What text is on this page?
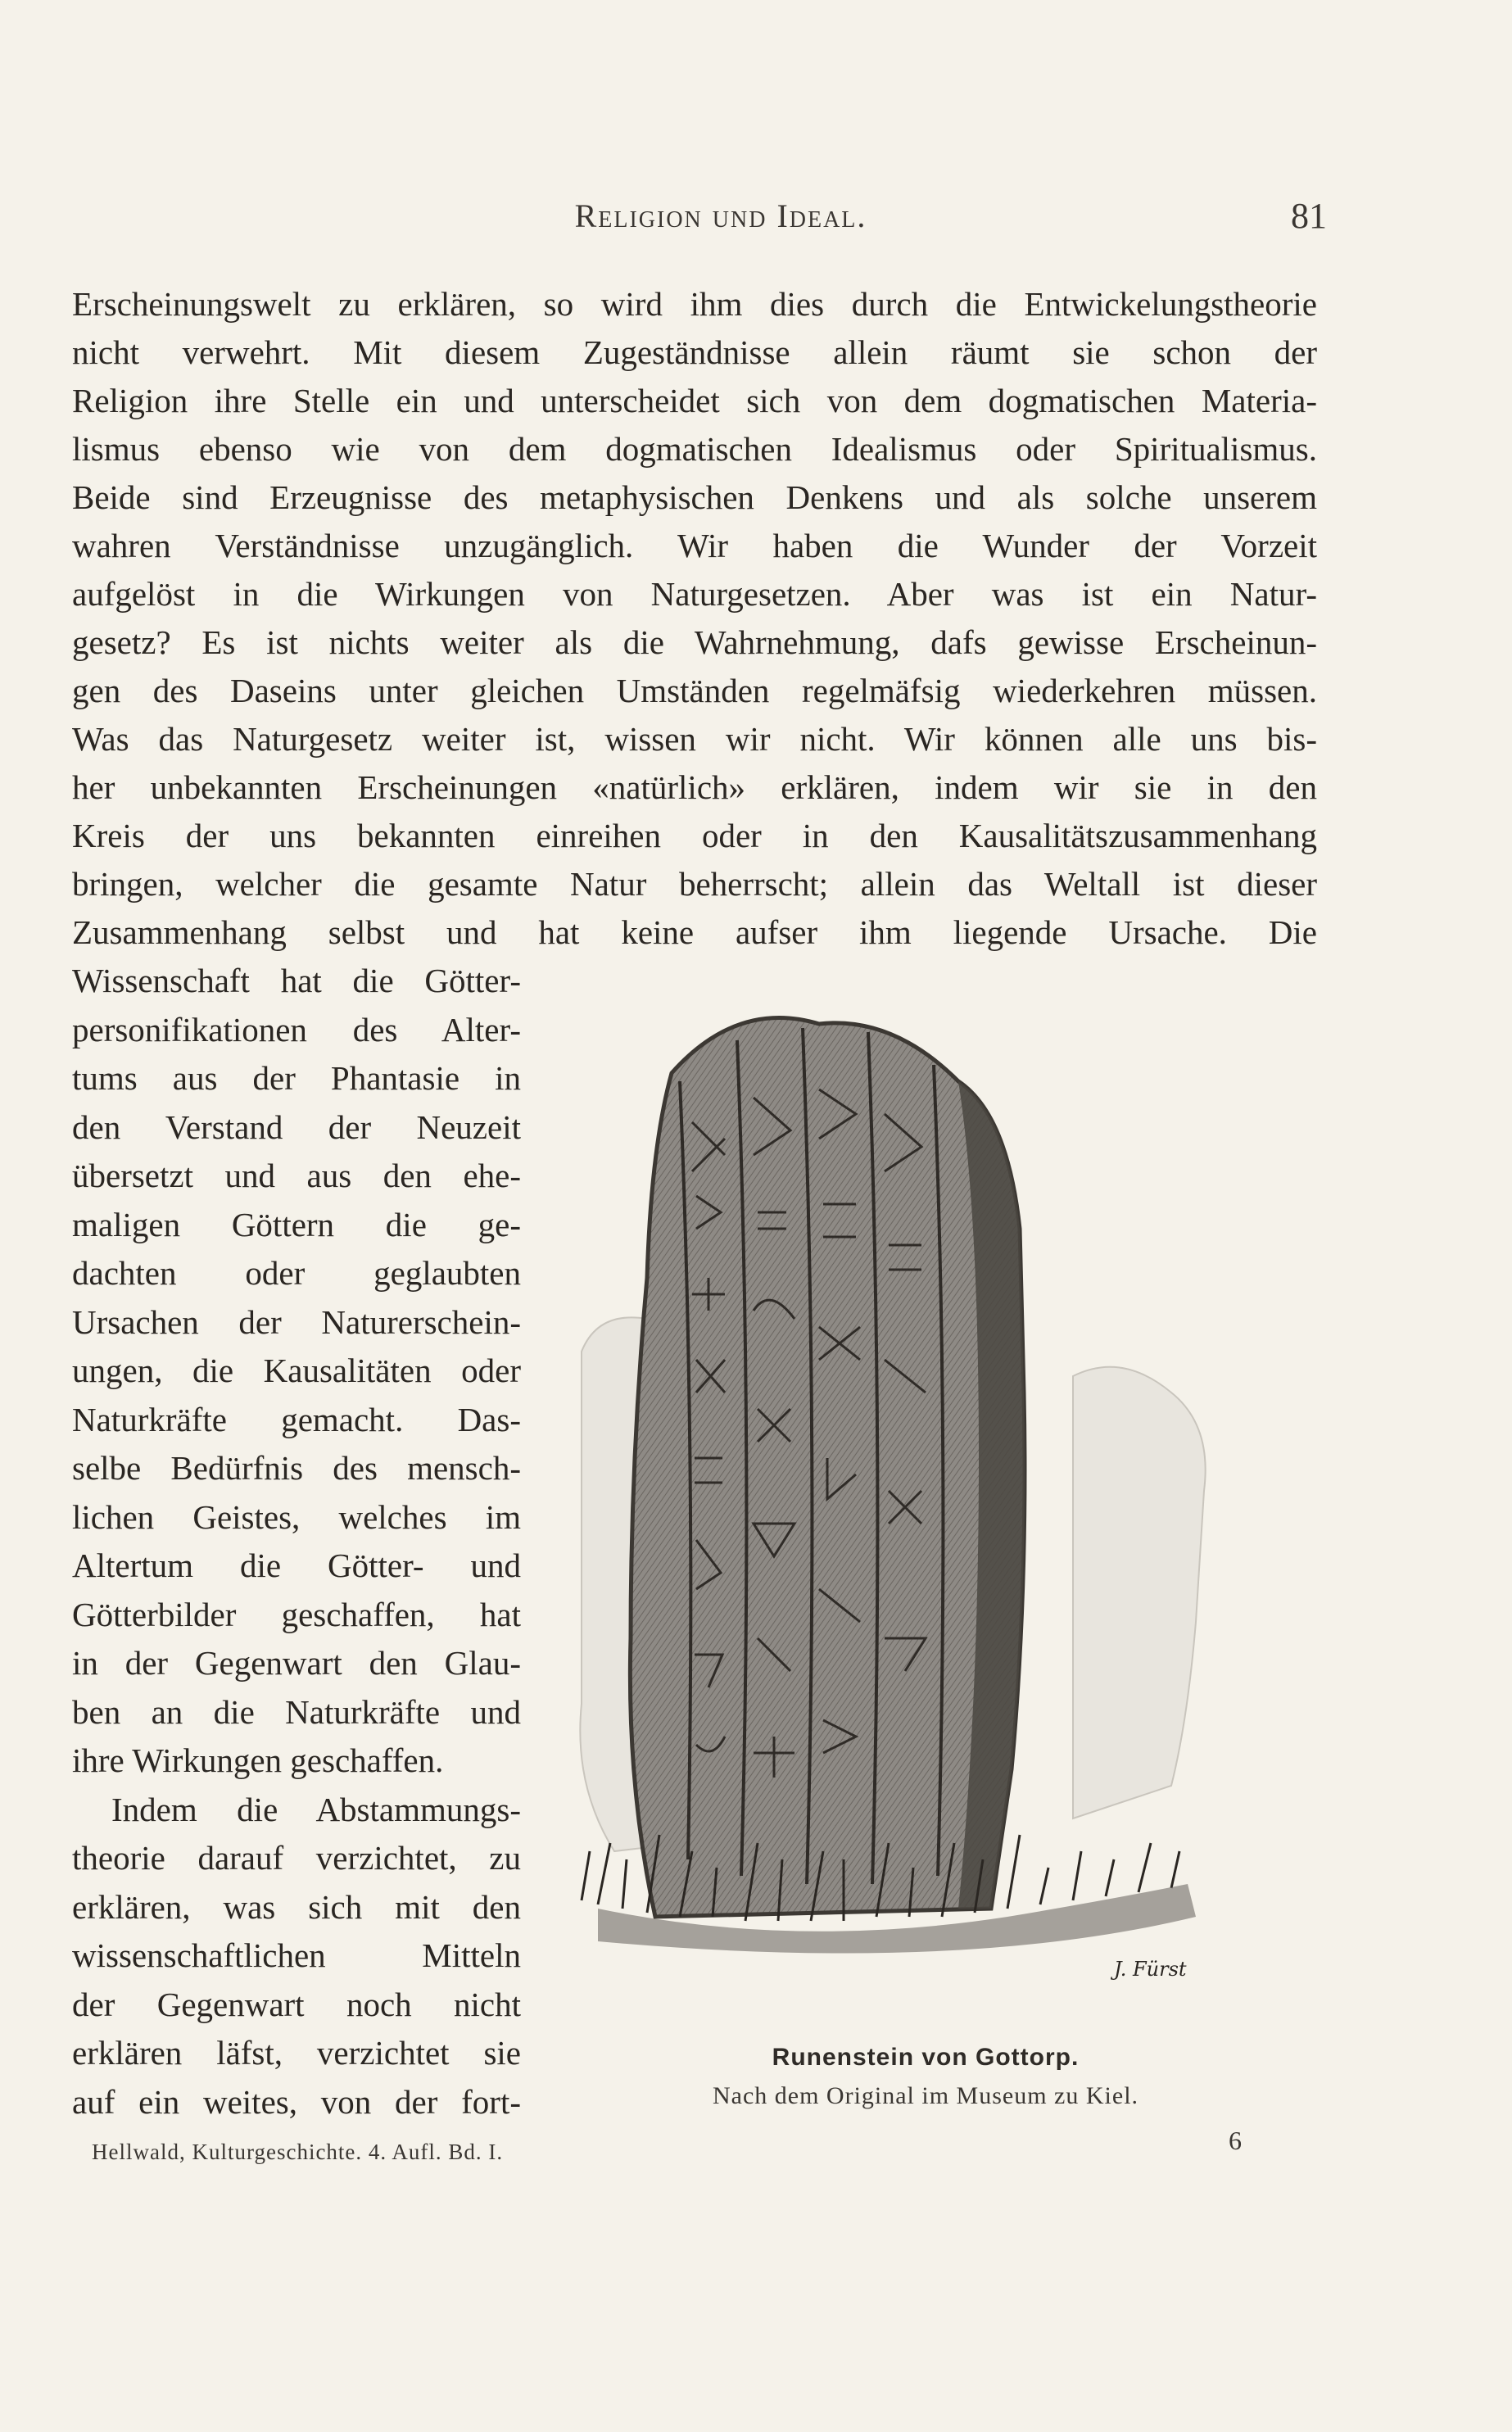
Religion und Ideal.	81
Erscheinungswelt zu erklären, so wird ihm dies durch die Entwickelungstheorie
nicht verwehrt. Mit diesem Zugeständnisse allein räumt sie schon der
Religion ihre Stelle ein und unterscheidet sich von dem dogmatischen Materia-
lismus ebenso wie von dem dogmatischen Idealismus oder Spiritualismus.
Beide sind Erzeugnisse des metaphysischen Denkens und als solche unserem
wahren Verständnisse unzugänglich. Wir haben die Wunder der Vorzeit
aufgelöst in die Wirkungen von Naturgesetzen. Aber was ist ein Natur-
gesetz? Es ist nichts weiter als die Wahrnehmung, dafs gewisse Erscheinun-
gen des Daseins unter gleichen Umständen regelmäfsig wiederkehren müssen.
Was das Naturgesetz weiter ist, wissen wir nicht. Wir können alle uns bis-
her unbekannten Erscheinungen «natürlich» erklären, indem wir sie in den
Kreis der uns bekannten einreihen oder in den Kausalitätszusammenhang
bringen, welcher die gesamte Natur beherrscht; allein das Weltall ist dieser
Zusammenhang selbst und hat keine aufser ihm liegende Ursache. Die
Wissenschaft hat die Götter-
personifikationen des Alter-
tums aus der Phantasie in
den Verstand der Neuzeit
übersetzt und aus den ehe-
maligen Göttern die ge-
dachten oder geglaubten
Ursachen der Naturerschein-
ungen, die Kausalitäten oder
Naturkräfte gemacht. Das-
selbe Bedürfnis des mensch-
lichen Geistes, welches im
Altertum die Götter- und
Götterbilder geschaffen, hat
in der Gegenwart den Glau-
ben an die Naturkräfte und
ihre Wirkungen geschaffen.
Indem die Abstammungs-
theorie darauf verzichtet, zu
erklären, was sich mit den
wissenschaftlichen Mitteln
der Gegenwart noch nicht
erklären läfst, verzichtet sie
auf ein weites, von der fort-
J. Fürst
Runenstein von Gottorp.
Nach dem Original im Museum zu Kiel.
Hellwald, Kulturgeschichte. 4. Aufl. Bd. I.	6
